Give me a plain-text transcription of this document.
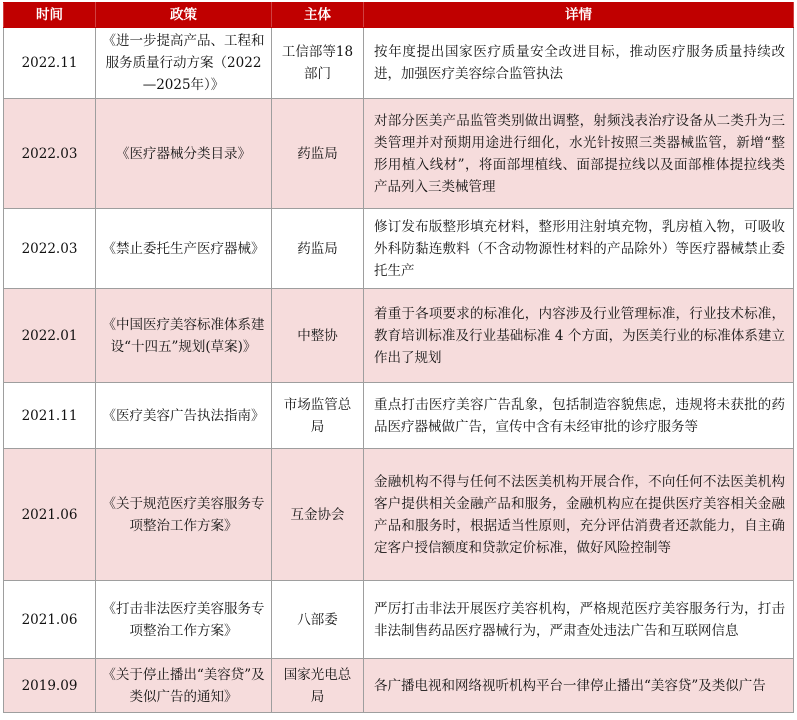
时间	政策	主体	详情
2022.11	《进一步提高产品、工程和服务质量行动方案（2022—2025年）》	工信部等18部门	按年度提出国家医疗质量安全改进目标，推动医疗服务质量持续改进，加强医疗美容综合监管执法
2022.03	《医疗器械分类目录》	药监局	对部分医美产品监管类别做出调整，射频浅表治疗设备从二类升为三类管理并对预期用途进行细化，水光针按照三类器械监管，新增“整形用植入线材”，将面部埋植线、面部提拉线以及面部椎体提拉线类产品列入三类械管理
2022.03	《禁止委托生产医疗器械》	药监局	修订发布版整形填充材料，整形用注射填充物，乳房植入物，可吸收外科防黏连敷料（不含动物源性材料的产品除外）等医疗器械禁止委托生产
2022.01	《中国医疗美容标准体系建设“十四五”规划(草案)》	中整协	着重于各项要求的标准化，内容涉及行业管理标准，行业技术标准，教育培训标准及行业基础标准 4 个方面，为医美行业的标准体系建立作出了规划
2021.11	《医疗美容广告执法指南》	市场监管总局	重点打击医疗美容广告乱象，包括制造容貌焦虑，违规将未获批的药品医疗器械做广告，宣传中含有未经审批的诊疗服务等
2021.06	《关于规范医疗美容服务专项整治工作方案》	互金协会	金融机构不得与任何不法医美机构开展合作，不向任何不法医美机构客户提供相关金融产品和服务，金融机构应在提供医疗美容相关金融产品和服务时，根据适当性原则，充分评估消费者还款能力，自主确定客户授信额度和贷款定价标准，做好风险控制等
2021.06	《打击非法医疗美容服务专项整治工作方案》	八部委	严厉打击非法开展医疗美容机构，严格规范医疗美容服务行为，打击非法制售药品医疗器械行为，严肃查处违法广告和互联网信息
2019.09	《关于停止播出“美容贷”及类似广告的通知》	国家光电总局	各广播电视和网络视听机构平台一律停止播出“美容贷”及类似广告
